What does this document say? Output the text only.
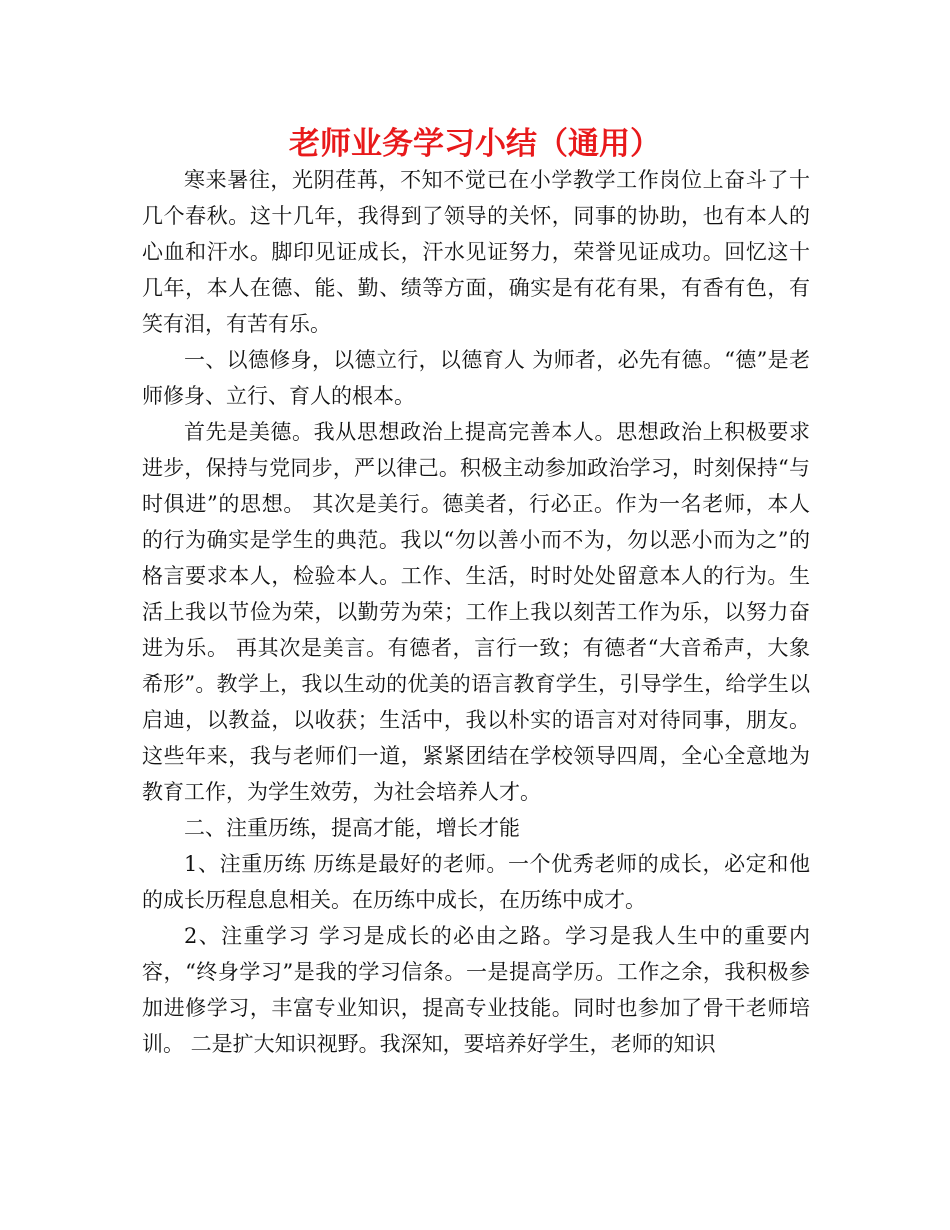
老师业务学习小结（通用）

寒来暑往，光阴荏苒，不知不觉已在小学教学工作岗位上奋斗了十几个春秋。这十几年，我得到了领导的关怀，同事的协助，也有本人的心血和汗水。脚印见证成长，汗水见证努力，荣誉见证成功。回忆这十几年，本人在德、能、勤、绩等方面，确实是有花有果，有香有色，有笑有泪，有苦有乐。

一、以德修身，以德立行，以德育人 为师者，必先有德。“德”是老师修身、立行、育人的根本。

首先是美德。我从思想政治上提高完善本人。思想政治上积极要求进步，保持与党同步，严以律己。积极主动参加政治学习，时刻保持“与时俱进”的思想。 其次是美行。德美者，行必正。作为一名老师，本人的行为确实是学生的典范。我以“勿以善小而不为，勿以恶小而为之”的格言要求本人，检验本人。工作、生活，时时处处留意本人的行为。生活上我以节俭为荣，以勤劳为荣；工作上我以刻苦工作为乐，以努力奋进为乐。 再其次是美言。有德者，言行一致；有德者“大音希声，大象希形”。教学上，我以生动的优美的语言教育学生，引导学生，给学生以启迪，以教益，以收获；生活中，我以朴实的语言对对待同事，朋友。这些年来，我与老师们一道，紧紧团结在学校领导四周，全心全意地为教育工作，为学生效劳，为社会培养人才。

二、注重历练，提高才能，增长才能

1、注重历练 历练是最好的老师。一个优秀老师的成长，必定和他的成长历程息息相关。在历练中成长，在历练中成才。

2、注重学习 学习是成长的必由之路。学习是我人生中的重要内容，“终身学习”是我的学习信条。一是提高学历。工作之余，我积极参加进修学习，丰富专业知识，提高专业技能。同时也参加了骨干老师培训。 二是扩大知识视野。我深知，要培养好学生，老师的知识
